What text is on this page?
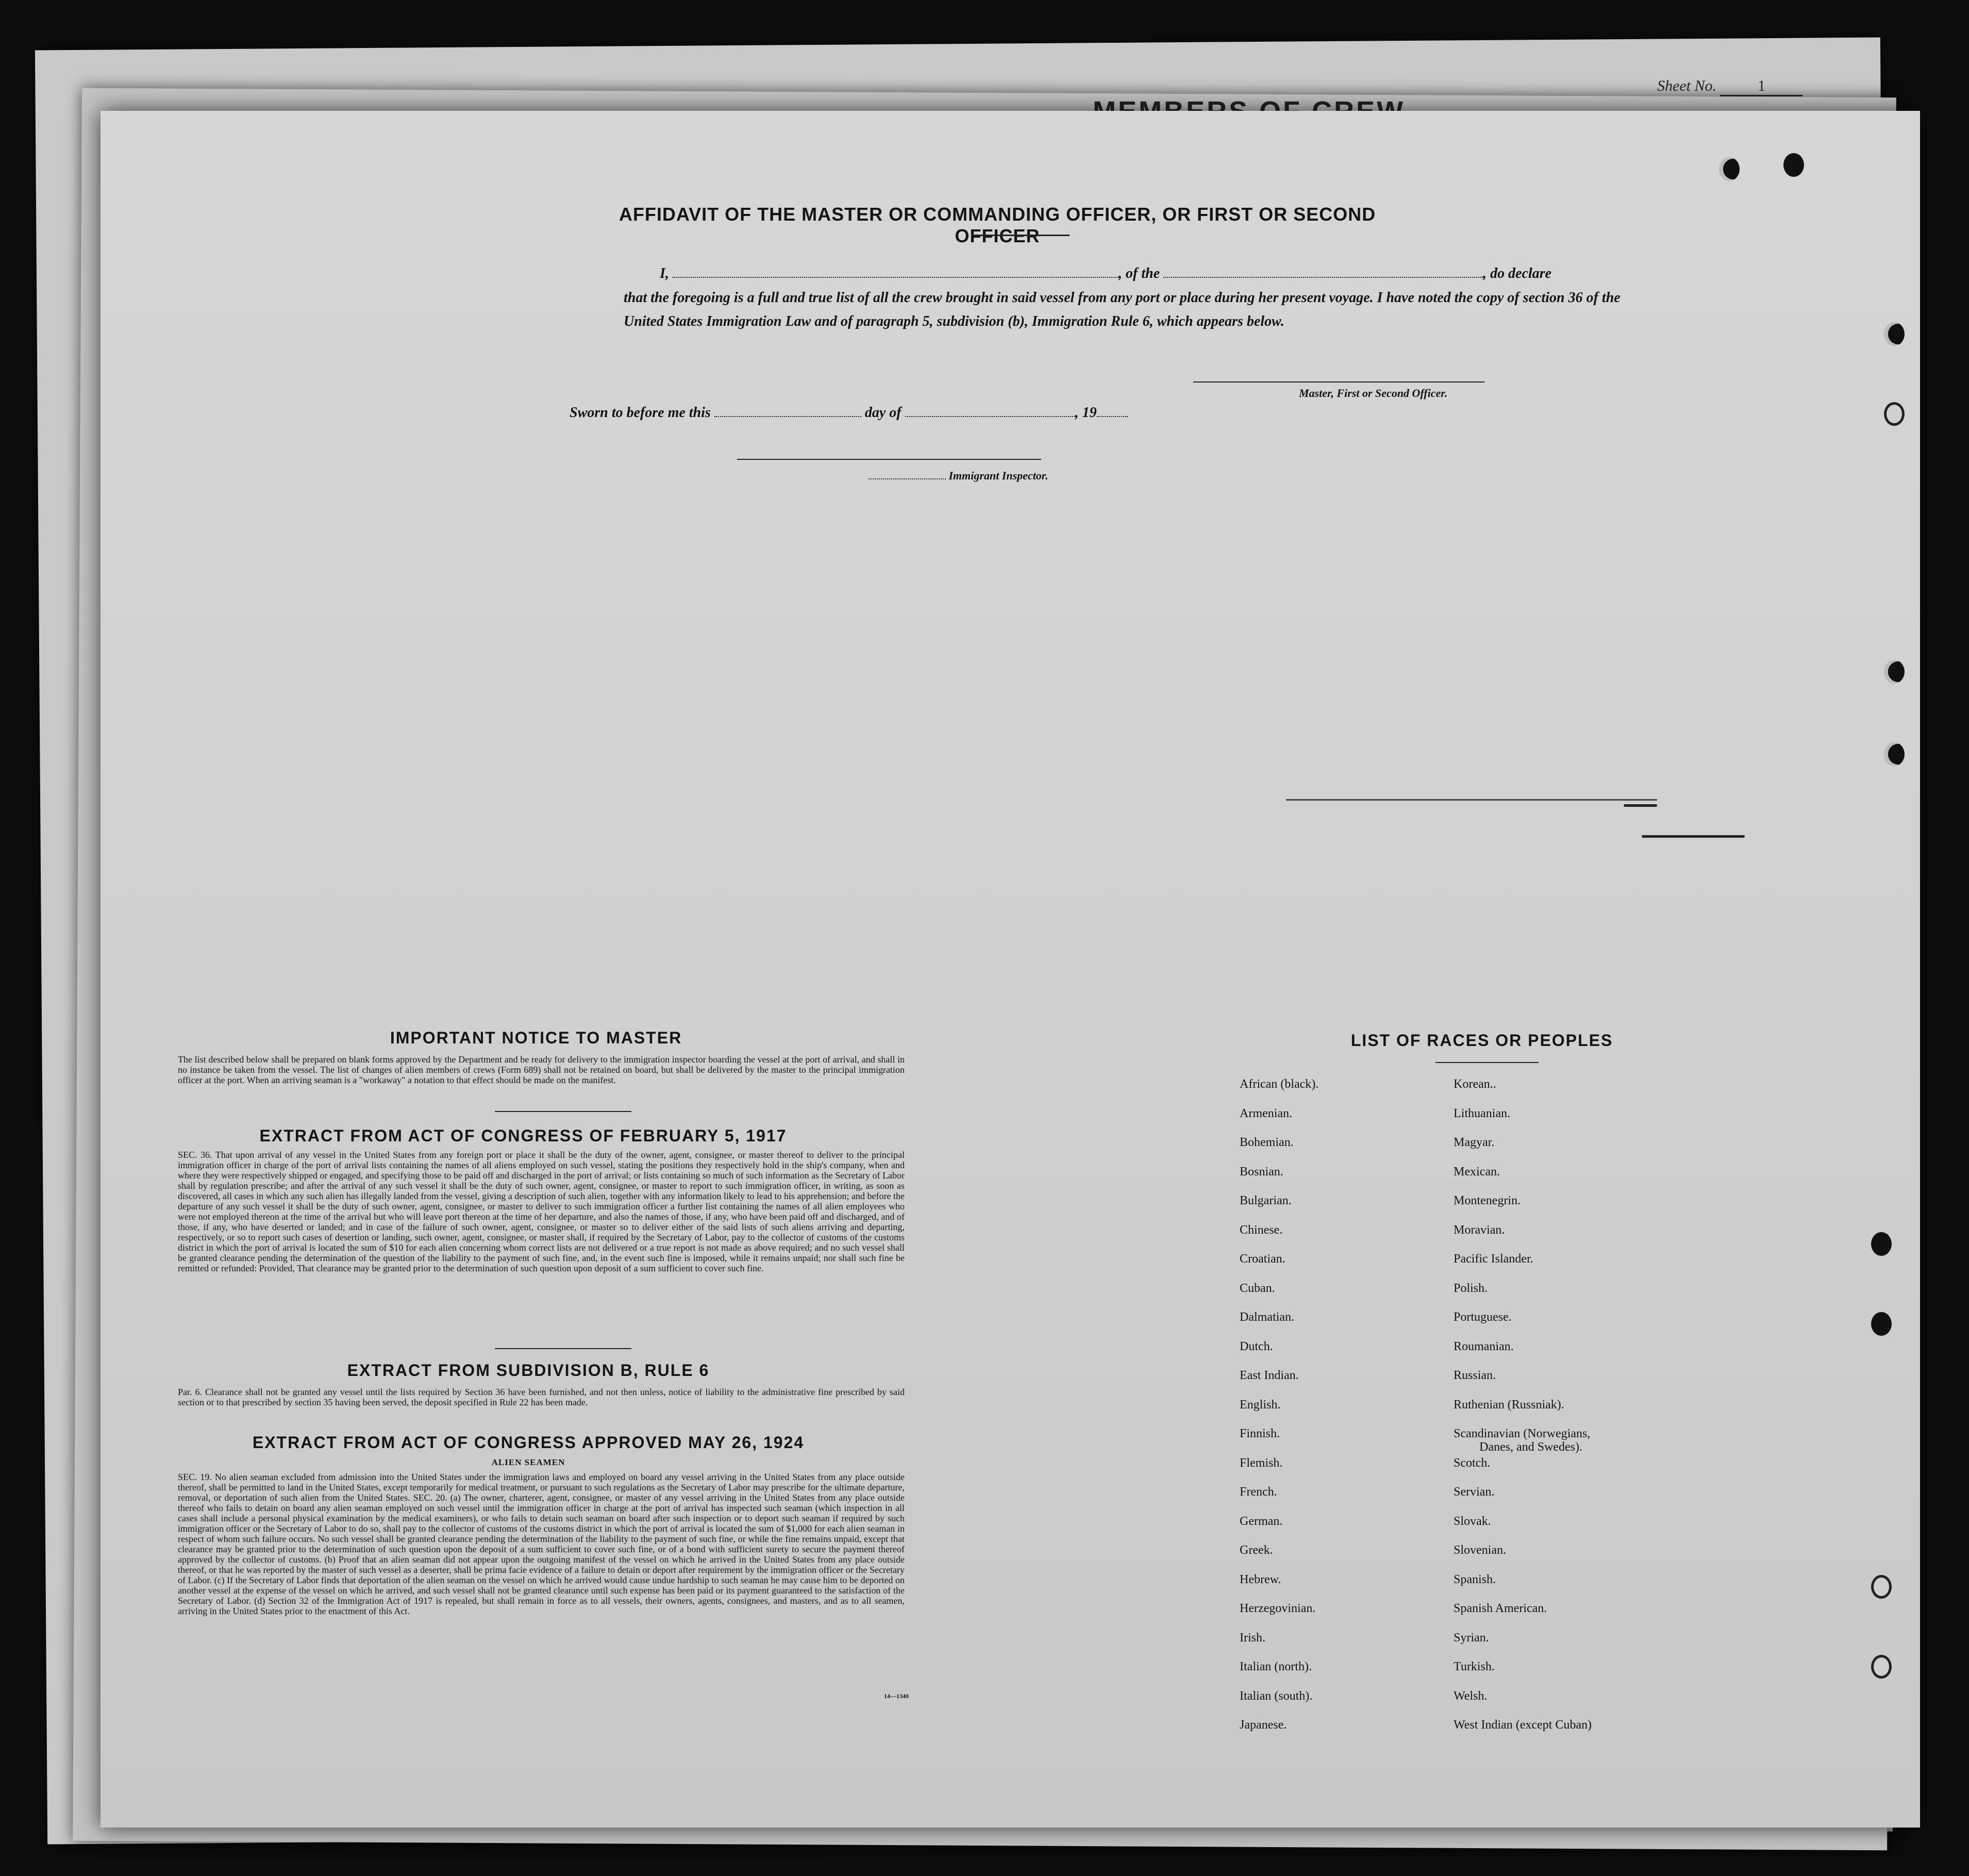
Sheet No.	1
AFFIDAVIT OF THE MASTER OR COMMANDING OFFICER, OR FIRST OR SECOND OFFICER
I,	, of the	, do declare
that the foregoing is a full and true list of all the crew brought in said vessel from any port or place during her present voyage. I have noted the copy of section 36 of the United States Immigration Law and of paragraph 5, subdivision (b), Immigration Rule 6, which appears below.
Master, First or Second Officer.
Sworn to before me this	day of	, 19
Immigrant Inspector.
IMPORTANT NOTICE TO MASTER
The list described below shall be prepared on blank forms approved by the Department and be ready for delivery to the immigration inspector boarding the vessel at the port of arrival, and shall in no instance be taken from the vessel. The list of changes of alien members of crews (Form 689) shall not be retained on board, but shall be delivered by the master to the principal immigration officer at the port. When an arriving seaman is a "workaway" a notation to that effect should be made on the manifest.
EXTRACT FROM ACT OF CONGRESS OF FEBRUARY 5, 1917
SEC. 36. That upon arrival of any vessel in the United States from any foreign port or place it shall be the duty of the owner, agent, consignee, or master thereof to deliver to the principal immigration officer in charge of the port of arrival lists containing the names of all aliens employed on such vessel, stating the positions they respectively hold in the ship's company, when and where they were respectively shipped or engaged, and specifying those to be paid off and discharged in the port of arrival; or lists containing so much of such information as the Secretary of Labor shall by regulation prescribe; and after the arrival of any such vessel it shall be the duty of such owner, agent, consignee, or master to report to such immigration officer, in writing, as soon as discovered, all cases in which any such alien has illegally landed from the vessel, giving a description of such alien, together with any information likely to lead to his apprehension; and before the departure of any such vessel it shall be the duty of such owner, agent, consignee, or master to deliver to such immigration officer a further list containing the names of all alien employees who were not employed thereon at the time of the arrival but who will leave port thereon at the time of her departure, and also the names of those, if any, who have been paid off and discharged, and of those, if any, who have deserted or landed; and in case of the failure of such owner, agent, consignee, or master so to deliver either of the said lists of such aliens arriving and departing, respectively, or so to report such cases of desertion or landing, such owner, agent, consignee, or master shall, if required by the Secretary of Labor, pay to the collector of customs of the customs district in which the port of arrival is located the sum of $10 for each alien concerning whom correct lists are not delivered or a true report is not made as above required; and no such vessel shall be granted clearance pending the determination of the question of the liability to the payment of such fine, and, in the event such fine is imposed, while it remains unpaid; nor shall such fine be remitted or refunded: Provided, That clearance may be granted prior to the determination of such question upon deposit of a sum sufficient to cover such fine.
EXTRACT FROM SUBDIVISION B, RULE 6
Par. 6. Clearance shall not be granted any vessel until the lists required by Section 36 have been furnished, and not then unless, notice of liability to the administrative fine prescribed by said section or to that prescribed by section 35 having been served, the deposit specified in Rule 22 has been made.
EXTRACT FROM ACT OF CONGRESS APPROVED MAY 26, 1924
ALIEN SEAMEN
SEC. 19. No alien seaman excluded from admission into the United States under the immigration laws and employed on board any vessel arriving in the United States from any place outside thereof, shall be permitted to land in the United States, except temporarily for medical treatment, or pursuant to such regulations as the Secretary of Labor may prescribe for the ultimate departure, removal, or deportation of such alien from the United States. SEC. 20. (a) The owner, charterer, agent, consignee, or master of any vessel arriving in the United States from any place outside thereof who fails to detain on board any alien seaman employed on such vessel until the immigration officer in charge at the port of arrival has inspected such seaman (which inspection in all cases shall include a personal physical examination by the medical examiners), or who fails to detain such seaman on board after such inspection or to deport such seaman if required by such immigration officer or the Secretary of Labor to do so, shall pay to the collector of customs of the customs district in which the port of arrival is located the sum of $1,000 for each alien seaman in respect of whom such failure occurs. No such vessel shall be granted clearance pending the determination of the liability to the payment of such fine, or while the fine remains unpaid, except that clearance may be granted prior to the determination of such question upon the deposit of a sum sufficient to cover such fine, or of a bond with sufficient surety to secure the payment thereof approved by the collector of customs. (b) Proof that an alien seaman did not appear upon the outgoing manifest of the vessel on which he arrived in the United States from any place outside thereof, or that he was reported by the master of such vessel as a deserter, shall be prima facie evidence of a failure to detain or deport after requirement by the immigration officer or the Secretary of Labor. (c) If the Secretary of Labor finds that deportation of the alien seaman on the vessel on which he arrived would cause undue hardship to such seaman he may cause him to be deported on another vessel at the expense of the vessel on which he arrived, and such vessel shall not be granted clearance until such expense has been paid or its payment guaranteed to the satisfaction of the Secretary of Labor. (d) Section 32 of the Immigration Act of 1917 is repealed, but shall remain in force as to all vessels, their owners, agents, consignees, and masters, and as to all seamen, arriving in the United States prior to the enactment of this Act.
14—1340
LIST OF RACES OR PEOPLES
African (black).
Armenian.
Bohemian.
Bosnian.
Bulgarian.
Chinese.
Croatian.
Cuban.
Dalmatian.
Dutch.
East Indian.
English.
Finnish.
Flemish.
French.
German.
Greek.
Hebrew.
Herzegovinian.
Irish.
Italian (north).
Italian (south).
Japanese.
Korean..
Lithuanian.
Magyar.
Mexican.
Montenegrin.
Moravian.
Pacific Islander.
Polish.
Portuguese.
Roumanian.
Russian.
Ruthenian (Russniak).
Scandinavian (Norwegians,
Scotch.
Servian.
Slovak.
Slovenian.
Spanish.
Spanish American.
Syrian.
Turkish.
Welsh.
West Indian (except Cuban)
Danes, and Swedes).
